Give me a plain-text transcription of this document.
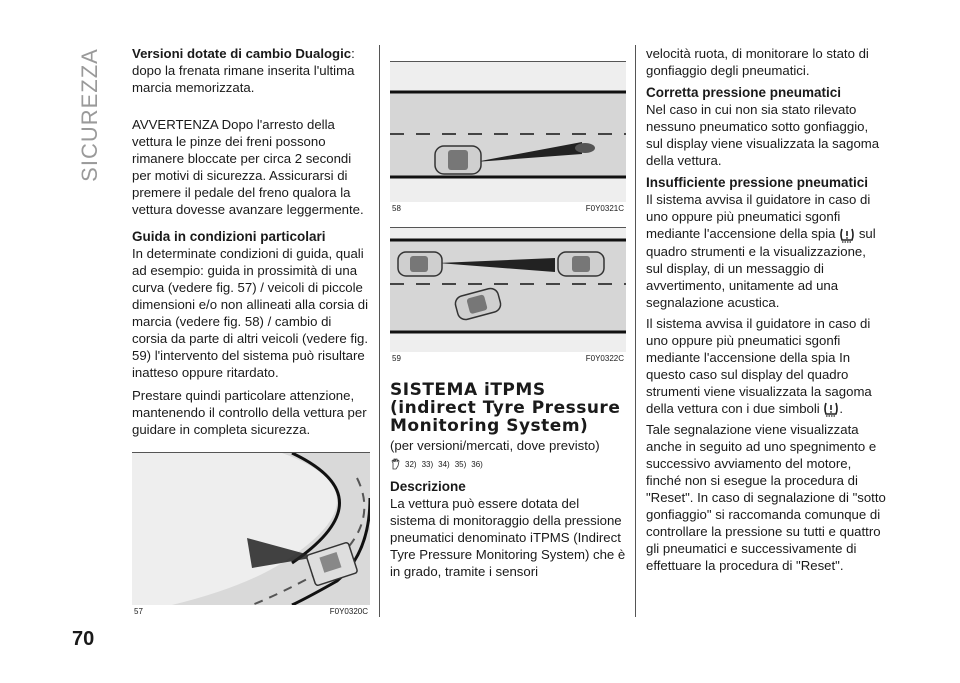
SICUREZZA
70

Versioni dotate di cambio Dualogic: dopo la frenata rimane inserita l'ultima marcia memorizzata.

AVVERTENZA Dopo l'arresto della vettura le pinze dei freni possono rimanere bloccate per circa 2 secondi per motivi di sicurezza. Assicurarsi di premere il pedale del freno qualora la vettura dovesse avanzare leggermente.

Guida in condizioni particolari

In determinate condizioni di guida, quali ad esempio: guida in prossimità di una curva (vedere fig. 57) / veicoli di piccole dimensioni e/o non allineati alla corsia di marcia (vedere fig. 58) / cambio di corsia da parte di altri veicoli (vedere fig. 59) l'intervento del sistema può risultare inatteso oppure ritardato.

Prestare quindi particolare attenzione, mantenendo il controllo della vettura per guidare in completa sicurezza.

57	F0Y0320C
58	F0Y0321C
59	F0Y0322C
SISTEMA iTPMS (indirect Tyre Pressure Monitoring System)

(per versioni/mercati, dove previsto)

32) 33) 34) 35) 36)
Descrizione

La vettura può essere dotata del sistema di monitoraggio della pressione pneumatici denominato iTPMS (Indirect Tyre Pressure Monitoring System) che è in grado, tramite i sensori

velocità ruota, di monitorare lo stato di gonfiaggio degli pneumatici.

Corretta pressione pneumatici

Nel caso in cui non sia stato rilevato nessuno pneumatico sotto gonfiaggio, sul display viene visualizzata la sagoma della vettura.

Insufficiente pressione pneumatici

Il sistema avvisa il guidatore in caso di uno oppure più pneumatici sgonfi mediante l'accensione della spia sul quadro strumenti e la visualizzazione, sul display, di un messaggio di avvertimento, unitamente ad una segnalazione acustica.

Il sistema avvisa il guidatore in caso di uno oppure più pneumatici sgonfi mediante l'accensione della spia In questo caso sul display del quadro strumenti viene visualizzata la sagoma della vettura con i due simboli .

Tale segnalazione viene visualizzata anche in seguito ad uno spegnimento e successivo avviamento del motore, finché non si esegue la procedura di "Reset". In caso di segnalazione di "sotto gonfiaggio" si raccomanda comunque di controllare la pressione su tutti e quattro gli pneumatici e successivamente di effettuare la procedura di "Reset".
